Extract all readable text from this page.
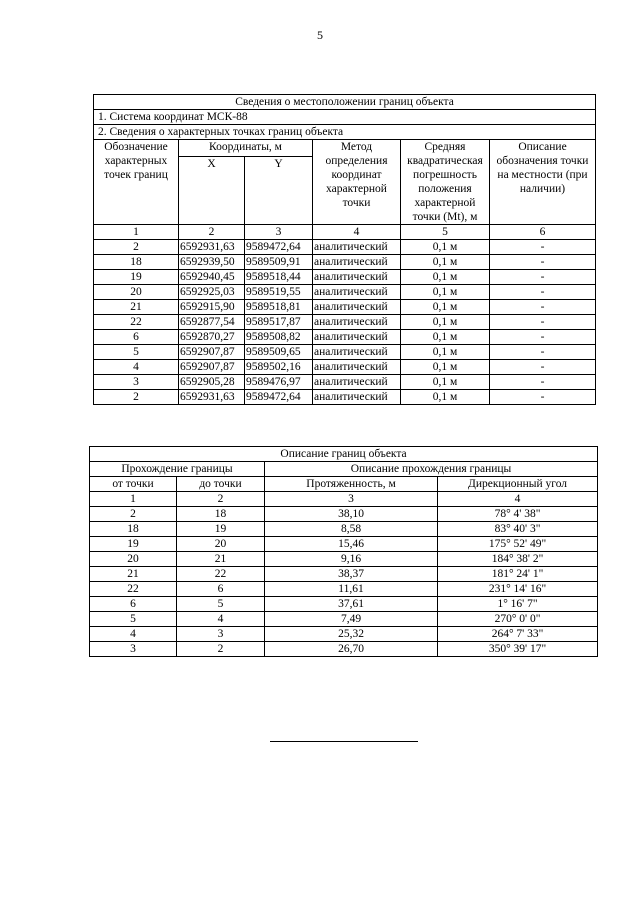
5
Сведения о местоположении границ объекта					
1. Система координат МСК-88					
2. Сведения о характерных точках границ объекта					
Обозначение характерных точек границ	Координаты, м		Метод определения координат характерной точки	Средняя квадратическая погрешность положения характерной точки (Mt), м	Описание обозначения точки на местности (при наличии)
	X	Y			
1	2	3	4	5	6
2	6592931,63	9589472,64	аналитический	0,1 м	-
18	6592939,50	9589509,91	аналитический	0,1 м	-
19	6592940,45	9589518,44	аналитический	0,1 м	-
20	6592925,03	9589519,55	аналитический	0,1 м	-
21	6592915,90	9589518,81	аналитический	0,1 м	-
22	6592877,54	9589517,87	аналитический	0,1 м	-
6	6592870,27	9589508,82	аналитический	0,1 м	-
5	6592907,87	9589509,65	аналитический	0,1 м	-
4	6592907,87	9589502,16	аналитический	0,1 м	-
3	6592905,28	9589476,97	аналитический	0,1 м	-
2	6592931,63	9589472,64	аналитический	0,1 м	-
Описание границ объекта			
Прохождение границы		Описание прохождения границы	
от точки	до точки	Протяженность, м	Дирекционный угол
1	2	3	4
2	18	38,10	78° 4' 38"
18	19	8,58	83° 40' 3"
19	20	15,46	175° 52' 49"
20	21	9,16	184° 38' 2"
21	22	38,37	181° 24' 1"
22	6	11,61	231° 14' 16"
6	5	37,61	1° 16' 7"
5	4	7,49	270° 0' 0"
4	3	25,32	264° 7' 33"
3	2	26,70	350° 39' 17"
